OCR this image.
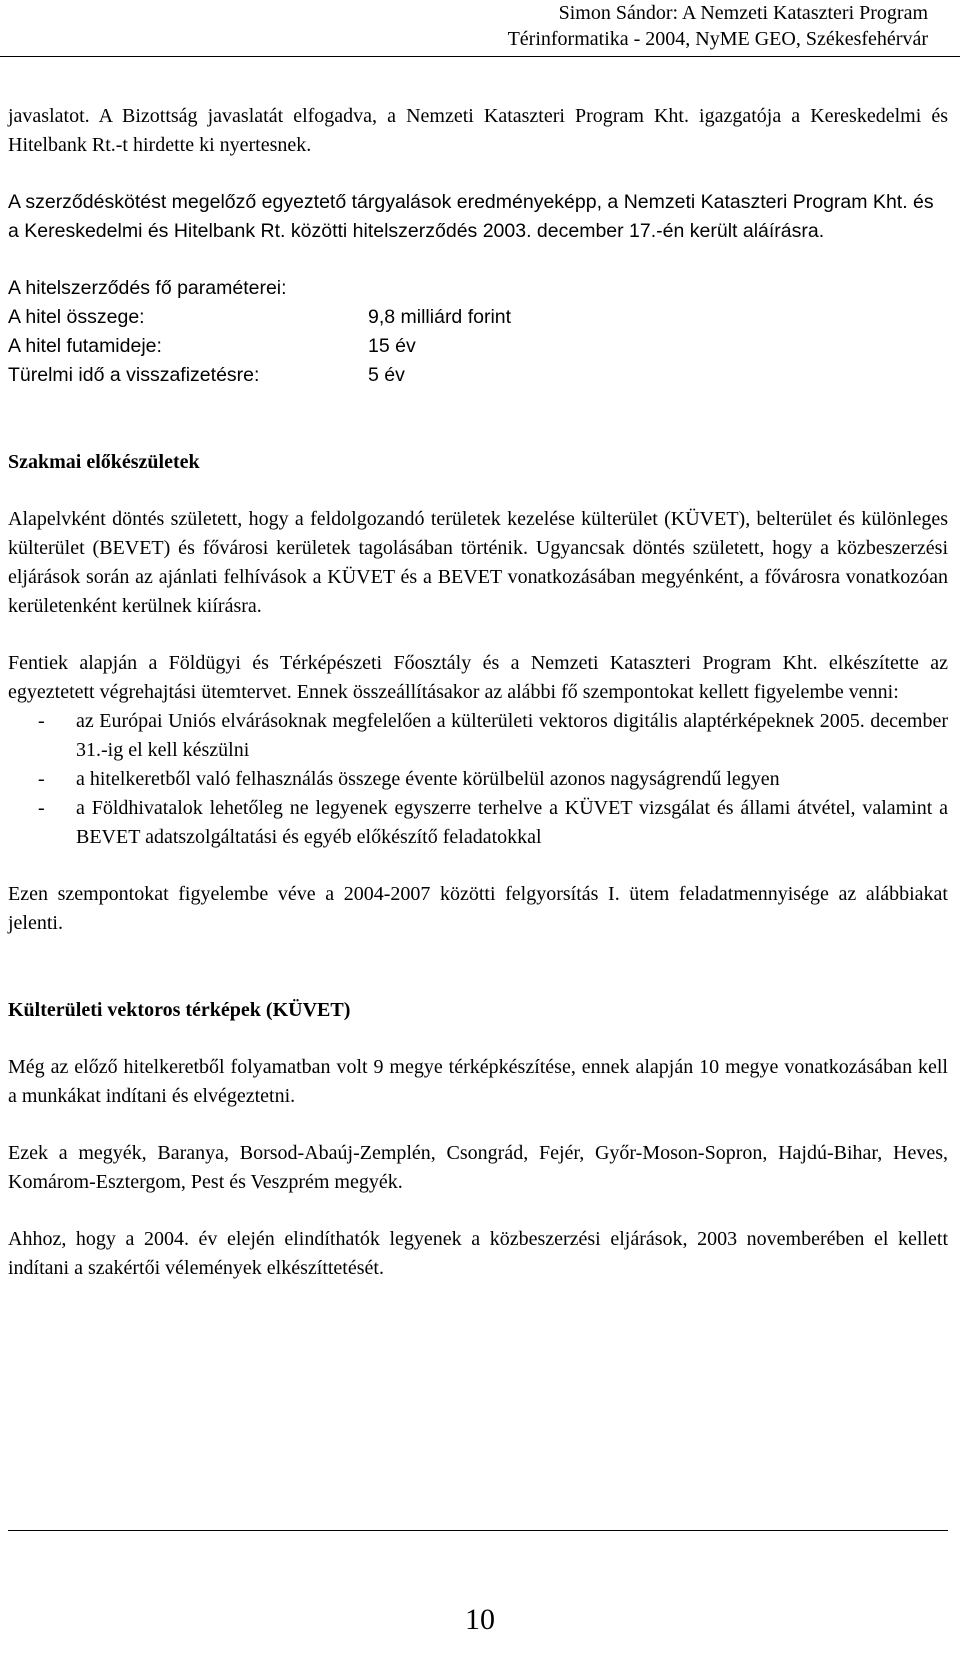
Simon Sándor: A Nemzeti Kataszteri Program
Térinformatika - 2004, NyME GEO, Székesfehérvár

javaslatot. A Bizottság javaslatát elfogadva, a Nemzeti Kataszteri Program Kht. igazgatója a Kereskedelmi és Hitelbank Rt.-t hirdette ki nyertesnek.

A szerződéskötést megelőző egyeztető tárgyalások eredményeképp, a Nemzeti Kataszteri Program Kht. és a Kereskedelmi és Hitelbank Rt. közötti hitelszerződés 2003. december 17.-én került aláírásra.

A hitelszerződés fő paraméterei:
A hitel összege:	9,8 milliárd forint
A hitel futamideje:	15 év
Türelmi idő a visszafizetésre:	5 év
Szakmai előkészületek

Alapelvként döntés született, hogy a feldolgozandó területek kezelése külterület (KÜVET), belterület és különleges külterület (BEVET) és fővárosi kerületek tagolásában történik. Ugyancsak döntés született, hogy a közbeszerzési eljárások során az ajánlati felhívások a KÜVET és a BEVET vonatkozásában megyénként, a fővárosra vonatkozóan kerületenként kerülnek kiírásra.

Fentiek alapján a Földügyi és Térképészeti Főosztály és a Nemzeti Kataszteri Program Kht. elkészítette az egyeztetett végrehajtási ütemtervet. Ennek összeállításakor az alábbi fő szempontokat kellett figyelembe venni:

-	az Európai Uniós elvárásoknak megfelelően a külterületi vektoros digitális alaptérképeknek 2005. december 31.-ig el kell készülni
-	a hitelkeretből való felhasználás összege évente körülbelül azonos nagyságrendű legyen
-	a Földhivatalok lehetőleg ne legyenek egyszerre terhelve a KÜVET vizsgálat és állami átvétel, valamint a BEVET adatszolgáltatási és egyéb előkészítő feladatokkal

Ezen szempontokat figyelembe véve a 2004-2007 közötti felgyorsítás I. ütem feladatmennyisége az alábbiakat jelenti.

Külterületi vektoros térképek (KÜVET)

Még az előző hitelkeretből folyamatban volt 9 megye térképkészítése, ennek alapján 10 megye vonatkozásában kell a munkákat indítani és elvégeztetni.

Ezek a megyék, Baranya, Borsod-Abaúj-Zemplén, Csongrád, Fejér, Győr-Moson-Sopron, Hajdú-Bihar, Heves, Komárom-Esztergom, Pest és Veszprém megyék.

Ahhoz, hogy a 2004. év elején elindíthatók legyenek a közbeszerzési eljárások, 2003 novemberében el kellett indítani a szakértői vélemények elkészíttetését.

10
